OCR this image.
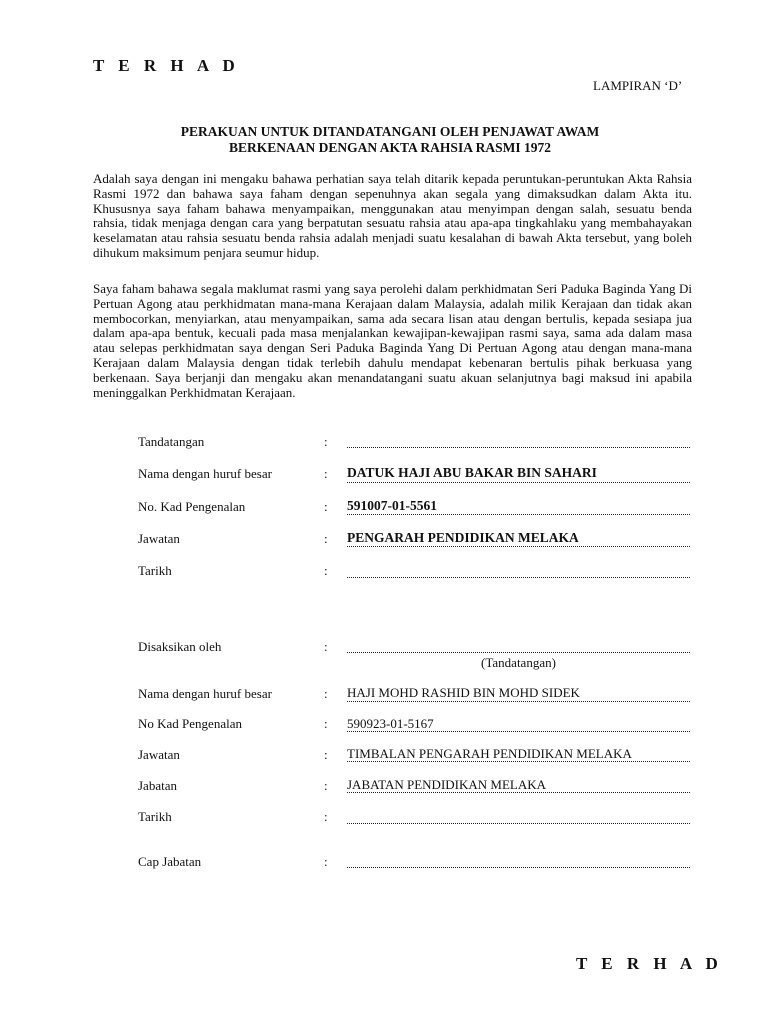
T E R H A D
LAMPIRAN ‘D’
PERAKUAN UNTUK DITANDATANGANI OLEH PENJAWAT AWAM
BERKENAAN DENGAN AKTA RAHSIA RASMI 1972

Adalah saya dengan ini mengaku bahawa perhatian saya telah ditarik kepada peruntukan-peruntukan Akta Rahsia Rasmi 1972 dan bahawa saya faham dengan sepenuhnya akan segala yang dimaksudkan dalam Akta itu. Khususnya saya faham bahawa menyampaikan, menggunakan atau menyimpan dengan salah, sesuatu benda rahsia, tidak menjaga dengan cara yang berpatutan sesuatu rahsia atau apa-apa tingkahlaku yang membahayakan keselamatan atau rahsia sesuatu benda rahsia adalah menjadi suatu kesalahan di bawah Akta tersebut, yang boleh dihukum maksimum penjara seumur hidup.

Saya faham bahawa segala maklumat rasmi yang saya perolehi dalam perkhidmatan Seri Paduka Baginda Yang Di Pertuan Agong atau perkhidmatan mana-mana Kerajaan dalam Malaysia, adalah milik Kerajaan dan tidak akan membocorkan, menyiarkan, atau menyampaikan, sama ada secara lisan atau dengan bertulis, kepada sesiapa jua dalam apa-apa bentuk, kecuali pada masa menjalankan kewajipan-kewajipan rasmi saya, sama ada dalam masa atau selepas perkhidmatan saya dengan Seri Paduka Baginda Yang Di Pertuan Agong atau dengan mana-mana Kerajaan dalam Malaysia dengan tidak terlebih dahulu mendapat kebenaran bertulis pihak berkuasa yang berkenaan. Saya berjanji dan mengaku akan menandatangani suatu akuan selanjutnya bagi maksud ini apabila meninggalkan Perkhidmatan Kerajaan.

Tandatangan	:
Nama dengan huruf besar	: DATUK HAJI ABU BAKAR BIN SAHARI
No. Kad Pengenalan	: 591007-01-5561
Jawatan	: PENGARAH PENDIDIKAN MELAKA
Tarikh	:
Disaksikan oleh	:
(Tandatangan)
Nama dengan huruf besar	: HAJI MOHD RASHID BIN MOHD SIDEK
No Kad Pengenalan	: 590923-01-5167
Jawatan	: TIMBALAN PENGARAH PENDIDIKAN MELAKA
Jabatan	: JABATAN PENDIDIKAN MELAKA
Tarikh	:
Cap Jabatan	:
T E R H A D
